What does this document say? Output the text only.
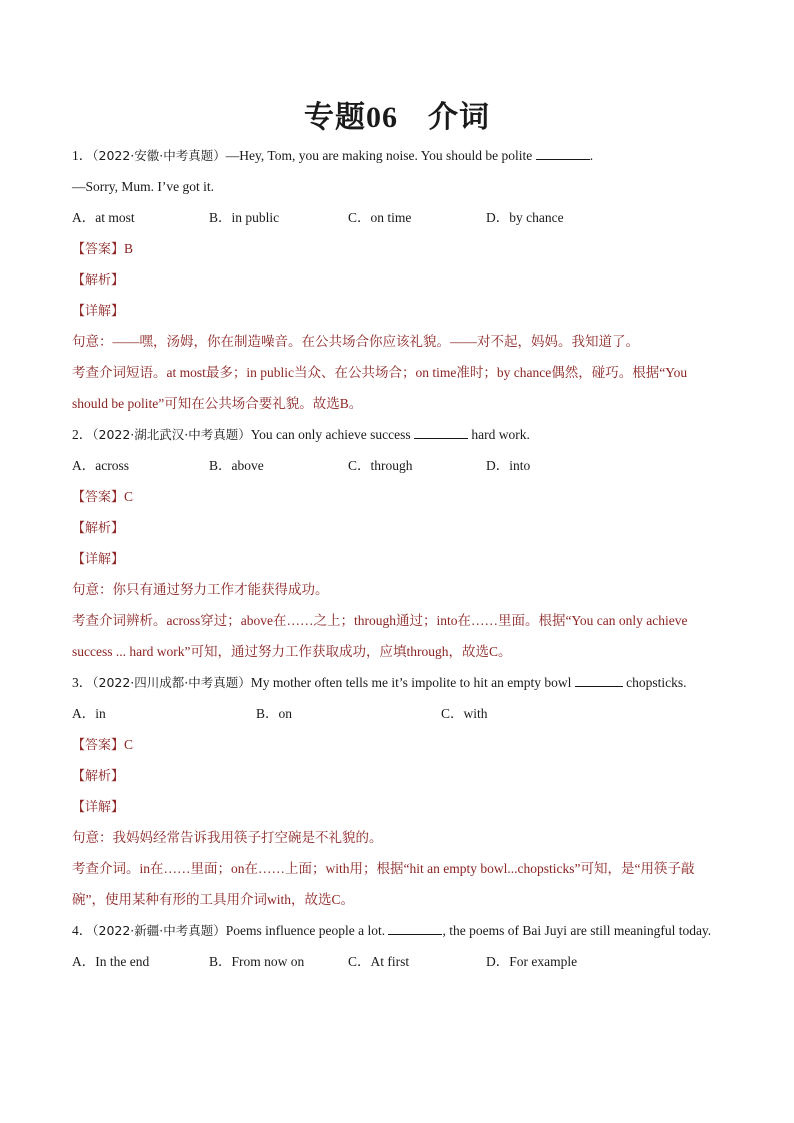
专题06 介词
1．（2022·安徽·中考真题）—Hey, Tom, you are making noise. You should be polite	.
—Sorry, Mum. I’ve got it.
A．at most	B．in public	C．on time	D．by chance
【答案】B
【解析】
【详解】
句意：——嘿，汤姆，你在制造噪音。在公共场合你应该礼貌。——对不起，妈妈。我知道了。
考查介词短语。at most最多；in public当众、在公共场合；on time准时；by chance偶然，碰巧。根据“You should be polite”可知在公共场合要礼貌。故选B。
2．（2022·湖北武汉·中考真题）You can only achieve success	hard work.
A．across	B．above	C．through	D．into
【答案】C
【解析】
【详解】
句意：你只有通过努力工作才能获得成功。
考查介词辨析。across穿过；above在……之上；through通过；into在……里面。根据“You can only achieve success ... hard work”可知，通过努力工作获取成功，应填through，故选C。
3．（2022·四川成都·中考真题）My mother often tells me it’s impolite to hit an empty bowl	chopsticks.
A．in	B．on	C．with
【答案】C
【解析】
【详解】
句意：我妈妈经常告诉我用筷子打空碗是不礼貌的。
考查介词。in在……里面；on在……上面；with用；根据“hit an empty bowl...chopsticks”可知，是“用筷子敲碗”，使用某种有形的工具用介词with，故选C。
4．（2022·新疆·中考真题）Poems influence people a lot.	, the poems of Bai Juyi are still meaningful today.
A．In the end	B．From now on	C．At first	D．For example
